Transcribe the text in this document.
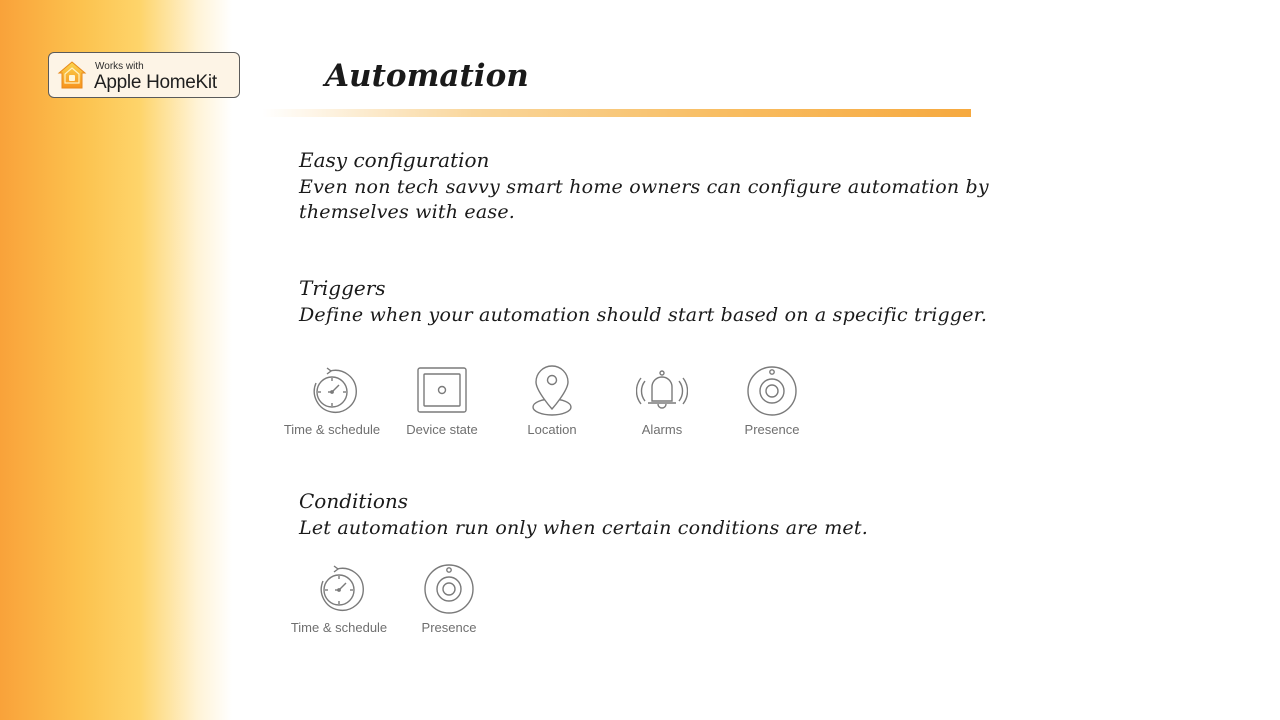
Works with
Apple HomeKit	Automation
Easy configuration
Even non tech savvy smart home owners can configure automation by themselves with ease.
Triggers
Define when your automation should start based on a specific trigger.
Time & schedule	Device state	Location	Alarms	Presence
Conditions
Let automation run only when certain conditions are met.
Time & schedule	Presence
